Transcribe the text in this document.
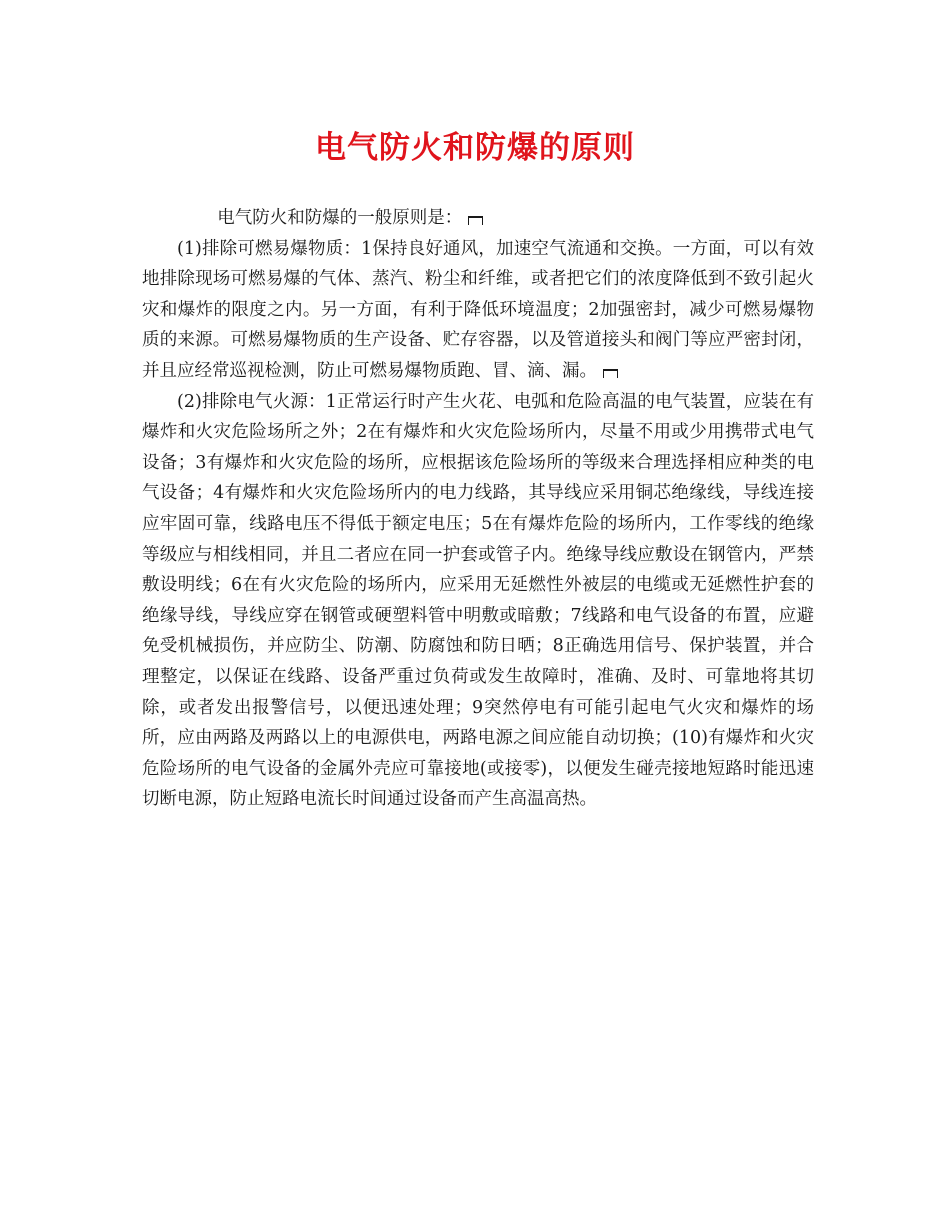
电气防火和防爆的原则

电气防火和防爆的一般原则是：

(1)排除可燃易爆物质：1保持良好通风，加速空气流通和交换。一方面，可以有效地排除现场可燃易爆的气体、蒸汽、粉尘和纤维，或者把它们的浓度降低到不致引起火灾和爆炸的限度之内。另一方面，有利于降低环境温度；2加强密封，减少可燃易爆物质的来源。可燃易爆物质的生产设备、贮存容器，以及管道接头和阀门等应严密封闭，并且应经常巡视检测，防止可燃易爆物质跑、冒、滴、漏。

(2)排除电气火源：1正常运行时产生火花、电弧和危险高温的电气装置，应装在有爆炸和火灾危险场所之外；2在有爆炸和火灾危险场所内，尽量不用或少用携带式电气设备；3有爆炸和火灾危险的场所，应根据该危险场所的等级来合理选择相应种类的电气设备；4有爆炸和火灾危险场所内的电力线路，其导线应采用铜芯绝缘线，导线连接应牢固可靠，线路电压不得低于额定电压；5在有爆炸危险的场所内，工作零线的绝缘等级应与相线相同，并且二者应在同一护套或管子内。绝缘导线应敷设在钢管内，严禁敷设明线；6在有火灾危险的场所内，应采用无延燃性外被层的电缆或无延燃性护套的绝缘导线，导线应穿在钢管或硬塑料管中明敷或暗敷；7线路和电气设备的布置，应避免受机械损伤，并应防尘、防潮、防腐蚀和防日晒；8正确选用信号、保护装置，并合理整定，以保证在线路、设备严重过负荷或发生故障时，准确、及时、可靠地将其切除，或者发出报警信号，以便迅速处理；9突然停电有可能引起电气火灾和爆炸的场所，应由两路及两路以上的电源供电，两路电源之间应能自动切换；(10)有爆炸和火灾危险场所的电气设备的金属外壳应可靠接地(或接零)，以便发生碰壳接地短路时能迅速切断电源，防止短路电流长时间通过设备而产生高温高热。
